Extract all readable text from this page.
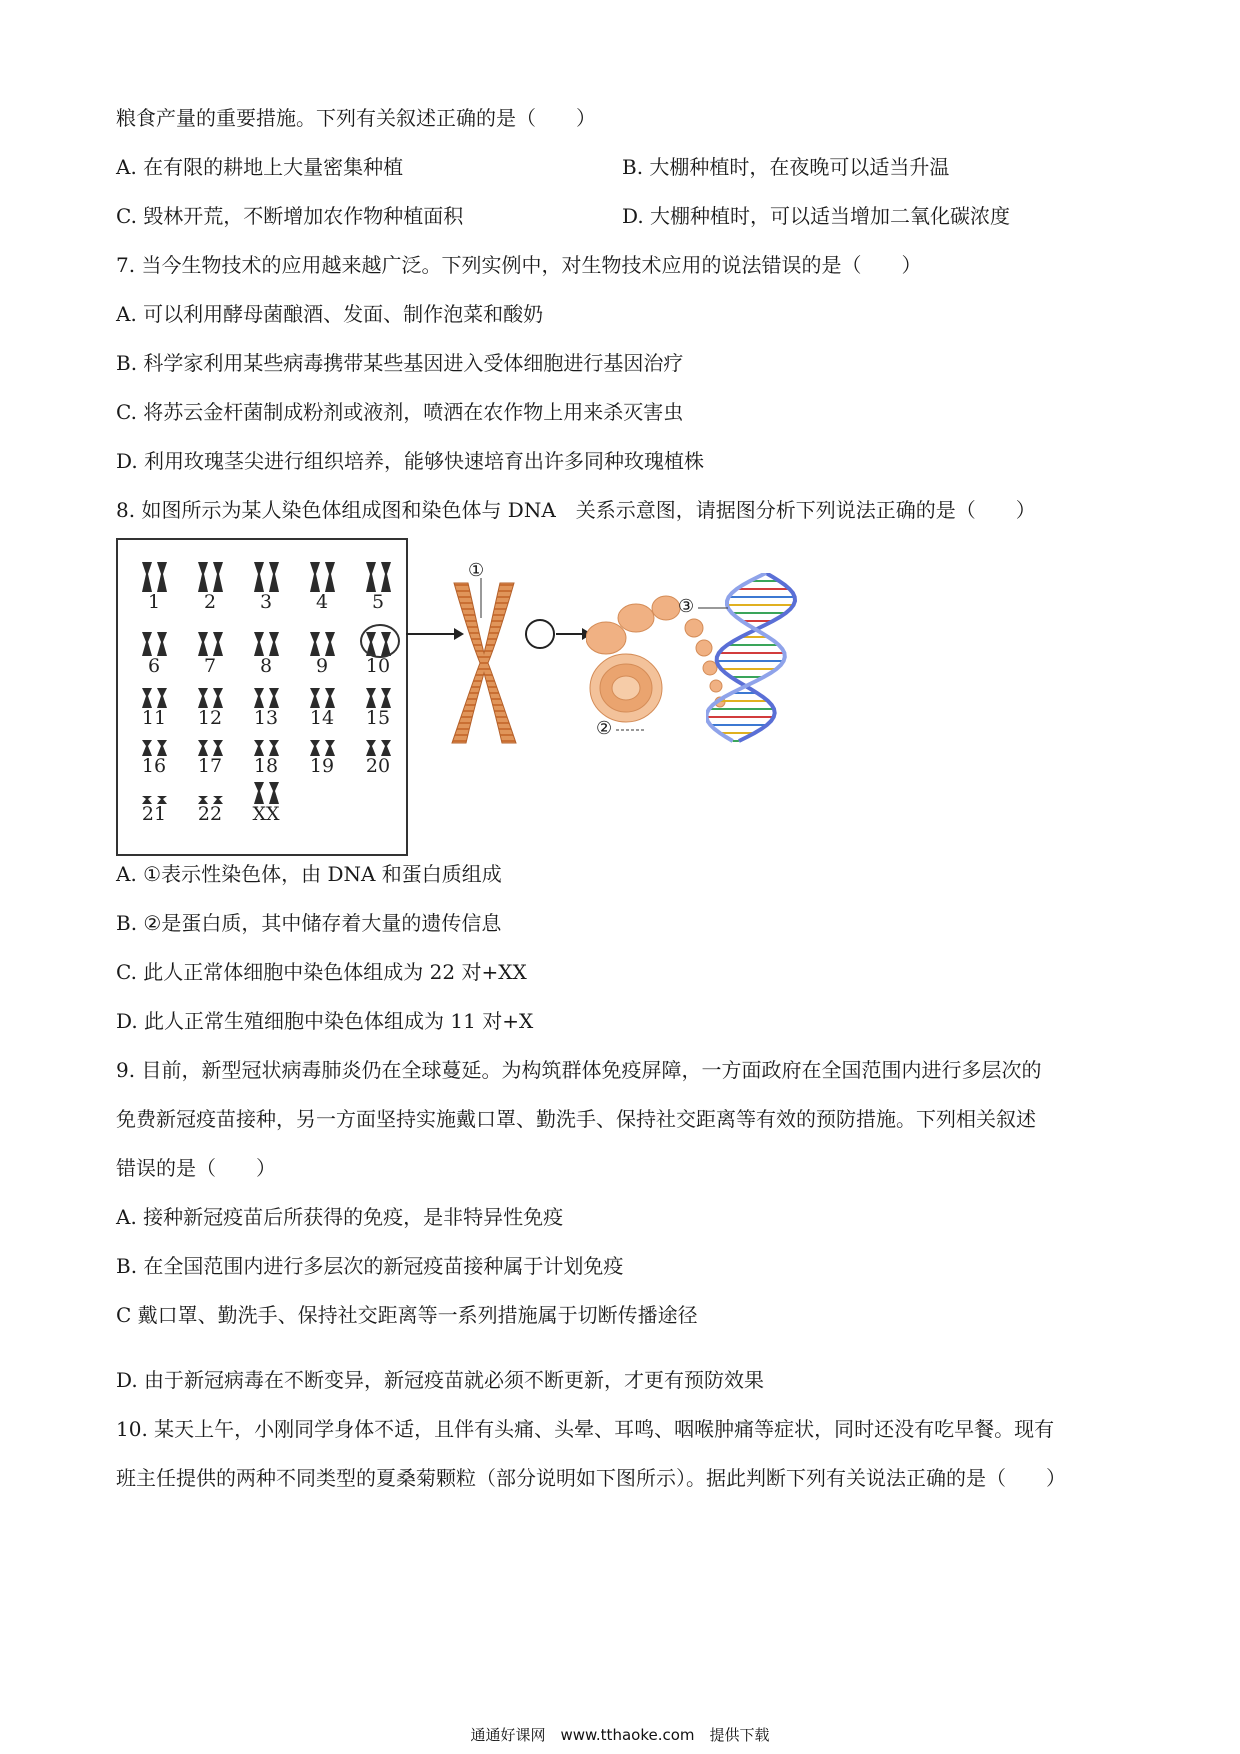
粮食产量的重要措施。下列有关叙述正确的是（　　）
A. 在有限的耕地上大量密集种植	B. 大棚种植时，在夜晚可以适当升温
C. 毁林开荒，不断增加农作物种植面积	D. 大棚种植时，可以适当增加二氧化碳浓度
7. 当今生物技术的应用越来越广泛。下列实例中，对生物技术应用的说法错误的是（　　）
A. 可以利用酵母菌酿酒、发面、制作泡菜和酸奶
B. 科学家利用某些病毒携带某些基因进入受体细胞进行基因治疗
C. 将苏云金杆菌制成粉剂或液剂，喷洒在农作物上用来杀灭害虫
D. 利用玫瑰茎尖进行组织培养，能够快速培育出许多同种玫瑰植株
8. 如图所示为某人染色体组成图和染色体与 DNA　关系示意图，请据图分析下列说法正确的是（　　）
1	2	3	4	5
6	7	8	9	10
11	12	13	14	15
16	17	18	19	20
21	22	XX
①
②
③
A. ①表示性染色体，由 DNA 和蛋白质组成
B. ②是蛋白质，其中储存着大量的遗传信息
C. 此人正常体细胞中染色体组成为 22 对+XX
D. 此人正常生殖细胞中染色体组成为 11 对+X
9. 目前，新型冠状病毒肺炎仍在全球蔓延。为构筑群体免疫屏障，一方面政府在全国范围内进行多层次的
免费新冠疫苗接种，另一方面坚持实施戴口罩、勤洗手、保持社交距离等有效的预防措施。下列相关叙述
错误的是（　　）
A. 接种新冠疫苗后所获得的免疫，是非特异性免疫
B. 在全国范围内进行多层次的新冠疫苗接种属于计划免疫
C 戴口罩、勤洗手、保持社交距离等一系列措施属于切断传播途径
D. 由于新冠病毒在不断变异，新冠疫苗就必须不断更新，才更有预防效果
10. 某天上午，小刚同学身体不适，且伴有头痛、头晕、耳鸣、咽喉肿痛等症状，同时还没有吃早餐。现有
班主任提供的两种不同类型的夏桑菊颗粒（部分说明如下图所示）。据此判断下列有关说法正确的是（　　）
通通好课网　www.tthaoke.com　提供下载
